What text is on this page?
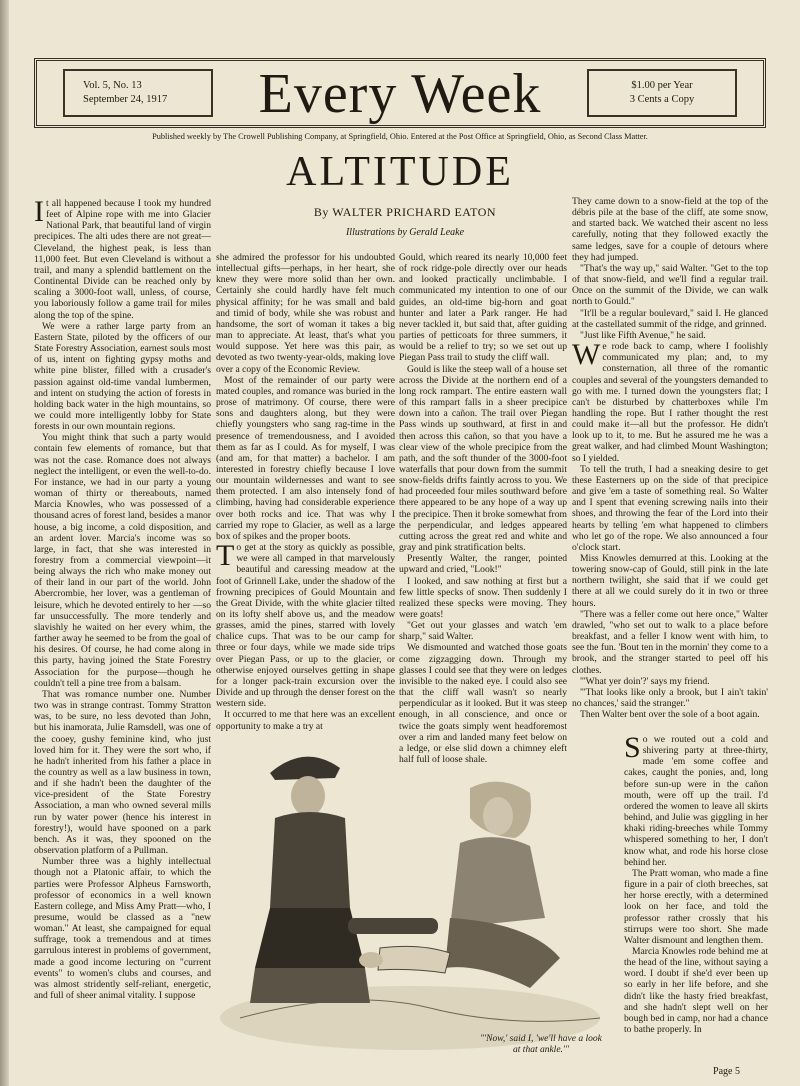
Every Week
Vol. 5, No. 13
September 24, 1917
$1.00 per Year
3 Cents a Copy
Published weekly by The Crowell Publishing Company, at Springfield, Ohio. Entered at the Post Office at Springfield, Ohio, as Second Class Matter.
ALTITUDE
By WALTER PRICHARD EATON
Illustrations by Gerald Leake

It all happened because I took my hundred feet of Alpine rope with me into Glacier National Park, that beautiful land of virgin precipices. The alti udes there are not great—Cleveland, the highest peak, is less than 11,000 feet. But even Cleveland is without a trail, and many a splendid battlement on the Continental Divide can be reached only by scaling a 3000-foot wall, unless, of course, you laboriously follow a game trail for miles along the top of the spine.

We were a rather large party from an Eastern State, piloted by the officers of our State Forestry Association, earnest souls most of us, intent on fighting gypsy moths and white pine blister, filled with a crusader's passion against old-time vandal lumbermen, and intent on studying the action of forests in holding back water in the high mountains, so we could more intelligently lobby for State forests in our own mountain regions.

You might think that such a party would contain few elements of romance, but that was not the case. Romance does not always neglect the intelligent, or even the well-to-do. For instance, we had in our party a young woman of thirty or thereabouts, named Marcia Knowles, who was possessed of a thousand acres of forest land, besides a manor house, a big income, a cold disposition, and an ardent lover. Marcia's income was so large, in fact, that she was interested in forestry from a commercial viewpoint—it being always the rich who make money out of their land in our part of the world. John Abercrombie, her lover, was a gentleman of leisure, which he devoted entirely to her —so far unsuccessfully. The more tenderly and slavishly he waited on her every whim, the farther away he seemed to be from the goal of his desires. Of course, he had come along in this party, having joined the State Forestry Association for the purpose—though he couldn't tell a pine tree from a balsam.

That was romance number one. Number two was in strange contrast. Tommy Stratton was, to be sure, no less devoted than John, but his inamorata, Julie Ramsdell, was one of the cooey, gushy feminine kind, who just loved him for it. They were the sort who, if he hadn't inherited from his father a place in the country as well as a law business in town, and if she hadn't been the daughter of the vice-president of the State Forestry Association, a man who owned several mills run by water power (hence his interest in forestry!), would have spooned on a park bench. As it was, they spooned on the observation platform of a Pullman.

Number three was a highly intellectual though not a Platonic affair, to which the parties were Professor Alpheus Farnsworth, professor of economics in a well known Eastern college, and Miss Amy Pratt—who, I presume, would be classed as a "new woman." At least, she campaigned for equal suffrage, took a tremendous and at times garrulous interest in problems of government, made a good income lecturing on "current events" to women's clubs and courses, and was almost stridently self-reliant, energetic, and full of sheer animal vitality. I suppose

she admired the professor for his undoubted intellectual gifts—perhaps, in her heart, she knew they were more solid than her own. Certainly she could hardly have felt much physical affinity; for he was small and bald and timid of body, while she was robust and handsome, the sort of woman it takes a big man to appreciate. At least, that's what you would suppose. Yet here was this pair, as devoted as two twenty-year-olds, making love over a copy of the Economic Review.

Most of the remainder of our party were mated couples, and romance was buried in the prose of matrimony. Of course, there were sons and daughters along, but they were chiefly youngsters who sang rag-time in the presence of tremendousness, and I avoided them as far as I could. As for myself, I was (and am, for that matter) a bachelor. I am interested in forestry chiefly because I love our mountain wildernesses and want to see them protected. I am also intensely fond of climbing, having had considerable experience over both rocks and ice. That was why I carried my rope to Glacier, as well as a large box of spikes and the proper boots.

To get at the story as quickly as possible, we were all camped in that marvelously beautiful and caressing meadow at the foot of Grinnell Lake, under the shadow of the frowning precipices of Gould Mountain and the Great Divide, with the white glacier tilted on its lofty shelf above us, and the meadow grasses, amid the pines, starred with lovely chalice cups. That was to be our camp for three or four days, while we made side trips over Piegan Pass, or up to the glacier, or otherwise enjoyed ourselves getting in shape for a longer pack-train excursion over the Divide and up through the denser forest on the western side.

It occurred to me that here was an excellent opportunity to make a try at

Gould, which reared its nearly 10,000 feet of rock ridge-pole directly over our heads and looked practically unclimbable. I communicated my intention to one of our guides, an old-time big-horn and goat hunter and later a Park ranger. He had never tackled it, but said that, after guiding parties of petticoats for three summers, it would be a relief to try; so we set out up Piegan Pass trail to study the cliff wall.

Gould is like the steep wall of a house set across the Divide at the northern end of a long rock rampart. The entire eastern wall of this rampart falls in a sheer precipice down into a cañon. The trail over Piegan Pass winds up southward, at first in and then across this cañon, so that you have a clear view of the whole precipice from the path, and the soft thunder of the 3000-foot waterfalls that pour down from the summit snow-fields drifts faintly across to you. We had proceeded four miles southward before there appeared to be any hope of a way up the precipice. Then it broke somewhat from the perpendicular, and ledges appeared cutting across the great red and white and gray and pink stratification belts.

Presently Walter, the ranger, pointed upward and cried, "Look!"

I looked, and saw nothing at first but a few little specks of snow. Then suddenly I realized these specks were moving. They were goats!

"Get out your glasses and watch 'em sharp," said Walter.

We dismounted and watched those goats come zigzagging down. Through my glasses I could see that they were on ledges invisible to the naked eye. I could also see that the cliff wall wasn't so nearly perpendicular as it looked. But it was steep enough, in all conscience, and once or twice the goats simply went headforemost over a rim and landed many feet below on a ledge, or else slid down a chimney eleft half full of loose shale.

They came down to a snow-field at the top of the débris pile at the base of the cliff, ate some snow, and started back. We watched their ascent no less carefully, noting that they followed exactly the same ledges, save for a couple of detours where they had jumped.

"That's the way up," said Walter. "Get to the top of that snow-field, and we'll find a regular trail. Once on the summit of the Divide, we can walk north to Gould."

"It'll be a regular boulevard," said I. He glanced at the castellated summit of the ridge, and grinned.

"Just like Fifth Avenue," he said.

We rode back to camp, where I foolishly communicated my plan; and, to my consternation, all three of the romantic couples and several of the youngsters demanded to go with me. I turned down the youngsters flat; I can't be disturbed by chatterboxes while I'm handling the rope. But I rather thought the rest could make it—all but the professor. He didn't look up to it, to me. But he assured me he was a great walker, and had climbed Mount Washington; so I yielded.

To tell the truth, I had a sneaking desire to get these Easterners up on the side of that precipice and give 'em a taste of something real. So Walter and I spent that evening screwing nails into their shoes, and throwing the fear of the Lord into their hearts by telling 'em what happened to climbers who let go of the rope. We also announced a four o'clock start.

Miss Knowles demurred at this. Looking at the towering snow-cap of Gould, still pink in the late northern twilight, she said that if we could get there at all we could surely do it in two or three hours.

"There was a feller come out here once," Walter drawled, "who set out to walk to a place before breakfast, and a feller I know went with him, to see the fun. 'Bout ten in the mornin' they come to a brook, and the stranger started to peel off his clothes.

"'What yer doin'?' says my friend.

"'That looks like only a brook, but I ain't takin' no chances,' said the stranger."

Then Walter bent over the sole of a boot again.

So we routed out a cold and shivering party at three-thirty, made 'em some coffee and cakes, caught the ponies, and, long before sun-up were in the cañon mouth, were off up the trail. I'd ordered the women to leave all skirts behind, and Julie was giggling in her khaki riding-breeches while Tommy whispered something to her, I don't know what, and rode his horse close behind her.

The Pratt woman, who made a fine figure in a pair of cloth breeches, sat her horse erectly, with a determined look on her face, and told the professor rather crossly that his stirrups were too short. She made Walter dismount and lengthen them.

Marcia Knowles rode behind me at the head of the line, without saying a word. I doubt if she'd ever been up so early in her life before, and she didn't like the hasty fried breakfast, and she hadn't slept well on her bough bed in camp, nor had a chance to bathe properly. In

"'Now,' said I, 'we'll have a look at that ankle.'"
Page 5
